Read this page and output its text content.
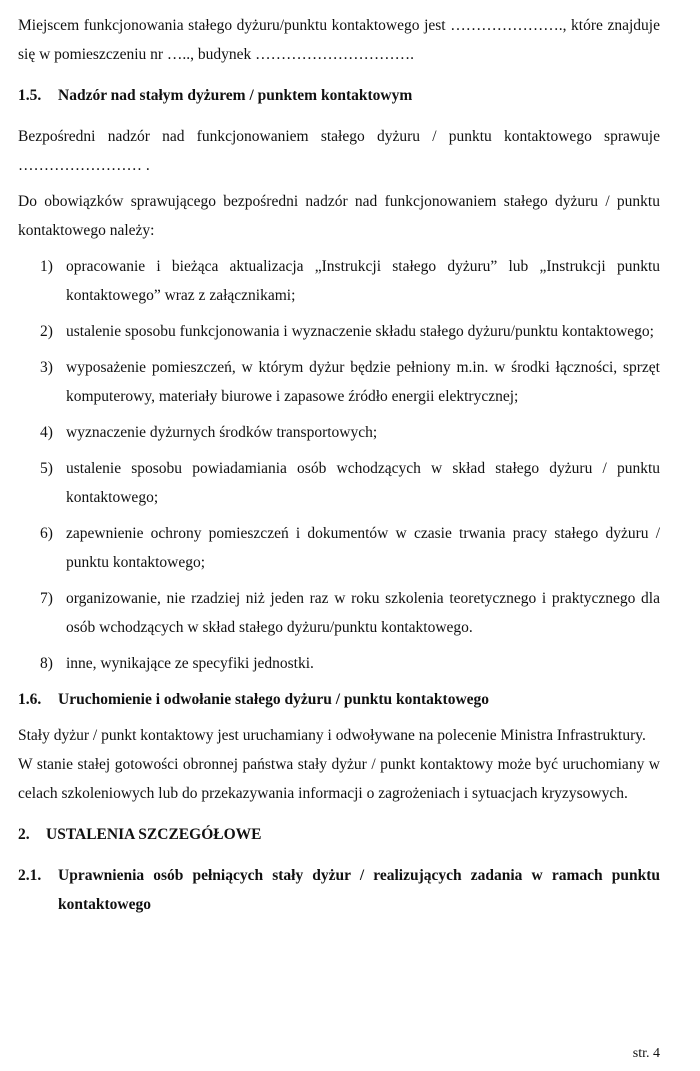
Miejscem funkcjonowania stałego dyżuru/punktu kontaktowego jest …………………., które znajduje się w pomieszczeniu nr ….., budynek ………………………….

1.5.	Nadzór nad stałym dyżurem / punktem kontaktowym

Bezpośredni nadzór nad funkcjonowaniem stałego dyżuru / punktu kontaktowego sprawuje …………………… .

Do obowiązków sprawującego bezpośredni nadzór nad funkcjonowaniem stałego dyżuru / punktu kontaktowego należy:

1) opracowanie i bieżąca aktualizacja „Instrukcji stałego dyżuru” lub „Instrukcji punktu kontaktowego” wraz z załącznikami;
2) ustalenie sposobu funkcjonowania i wyznaczenie składu stałego dyżuru/punktu kontaktowego;
3) wyposażenie pomieszczeń, w którym dyżur będzie pełniony m.in. w środki łączności, sprzęt komputerowy, materiały biurowe i zapasowe źródło energii elektrycznej;
4) wyznaczenie dyżurnych środków transportowych;
5) ustalenie sposobu powiadamiania osób wchodzących w skład stałego dyżuru / punktu kontaktowego;
6) zapewnienie ochrony pomieszczeń i dokumentów w czasie trwania pracy stałego dyżuru / punktu kontaktowego;
7) organizowanie, nie rzadziej niż jeden raz w roku szkolenia teoretycznego i praktycznego dla osób wchodzących w skład stałego dyżuru/punktu kontaktowego.
8) inne, wynikające ze specyfiki jednostki.
1.6.	Uruchomienie i odwołanie stałego dyżuru / punktu kontaktowego

Stały dyżur / punkt kontaktowy jest uruchamiany i odwoływane na polecenie Ministra Infrastruktury.

W stanie stałej gotowości obronnej państwa stały dyżur / punkt kontaktowy może być uruchomiany w celach szkoleniowych lub do przekazywania informacji o zagrożeniach i sytuacjach kryzysowych.

2.	USTALENIA SZCZEGÓŁOWE
2.1.	Uprawnienia osób pełniących stały dyżur / realizujących zadania w ramach punktu kontaktowego
str. 4
